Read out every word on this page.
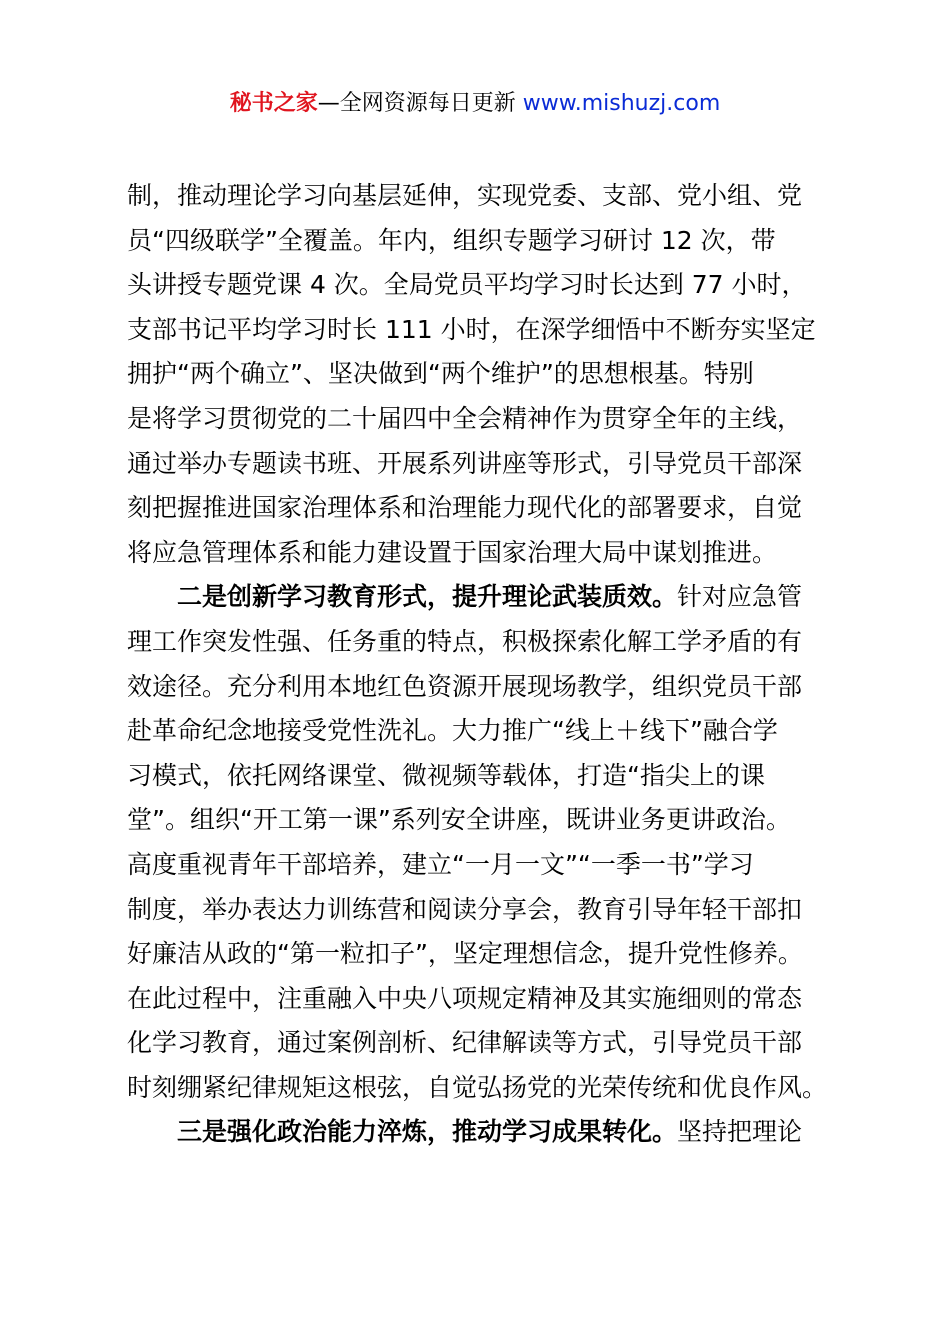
秘书之家—全网资源每日更新 www.mishuzj.com
制，推动理论学习向基层延伸，实现党委、支部、党小组、党
员“四级联学”全覆盖。年内，组织专题学习研讨 12 次，带
头讲授专题党课 4 次。全局党员平均学习时长达到 77 小时，
支部书记平均学习时长 111 小时，在深学细悟中不断夯实坚定
拥护“两个确立”、坚决做到“两个维护”的思想根基。特别
是将学习贯彻党的二十届四中全会精神作为贯穿全年的主线，
通过举办专题读书班、开展系列讲座等形式，引导党员干部深
刻把握推进国家治理体系和治理能力现代化的部署要求，自觉
将应急管理体系和能力建设置于国家治理大局中谋划推进。
二是创新学习教育形式，提升理论武装质效。针对应急管
理工作突发性强、任务重的特点，积极探索化解工学矛盾的有
效途径。充分利用本地红色资源开展现场教学，组织党员干部
赴革命纪念地接受党性洗礼。大力推广“线上＋线下”融合学
习模式，依托网络课堂、微视频等载体，打造“指尖上的课
堂”。组织“开工第一课”系列安全讲座，既讲业务更讲政治。
高度重视青年干部培养，建立“一月一文”“一季一书”学习
制度，举办表达力训练营和阅读分享会，教育引导年轻干部扣
好廉洁从政的“第一粒扣子”，坚定理想信念，提升党性修养。
在此过程中，注重融入中央八项规定精神及其实施细则的常态
化学习教育，通过案例剖析、纪律解读等方式，引导党员干部
时刻绷紧纪律规矩这根弦，自觉弘扬党的光荣传统和优良作风。
三是强化政治能力淬炼，推动学习成果转化。坚持把理论
